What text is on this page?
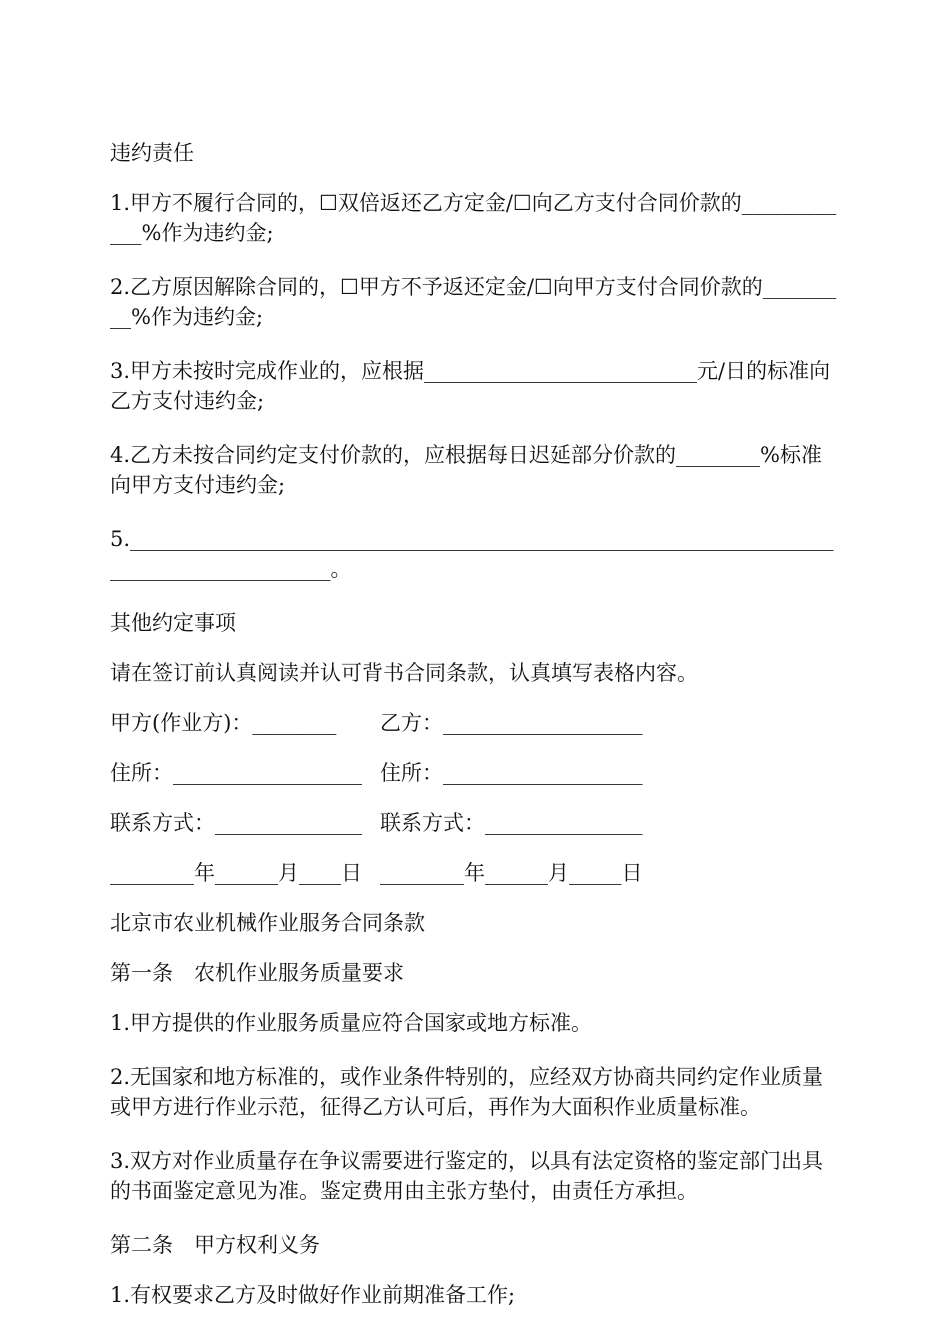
违约责任

1.甲方不履行合同的，☐双倍返还乙方定金/☐向乙方支付合同价款的____________%作为违约金;

2.乙方原因解除合同的，☐甲方不予返还定金/☐向甲方支付合同价款的_________%作为违约金;

3.甲方未按时完成作业的，应根据__________________________元/日的标准向乙方支付违约金;

4.乙方未按合同约定支付价款的，应根据每日迟延部分价款的________%标准向甲方支付违约金;

5.________________________________________________________________________________________。

其他约定事项

请在签订前认真阅读并认可背书合同条款，认真填写表格内容。

甲方(作业方)：________	乙方：___________________
住所：__________________ 住所：___________________
联系方式：______________ 联系方式：_______________
________年______月____日 ________年______月_____日

北京市农业机械作业服务合同条款

第一条　农机作业服务质量要求

1.甲方提供的作业服务质量应符合国家或地方标准。

2.无国家和地方标准的，或作业条件特别的，应经双方协商共同约定作业质量或甲方进行作业示范，征得乙方认可后，再作为大面积作业质量标准。

3.双方对作业质量存在争议需要进行鉴定的，以具有法定资格的鉴定部门出具的书面鉴定意见为准。鉴定费用由主张方垫付，由责任方承担。

第二条　甲方权利义务

1.有权要求乙方及时做好作业前期准备工作;
